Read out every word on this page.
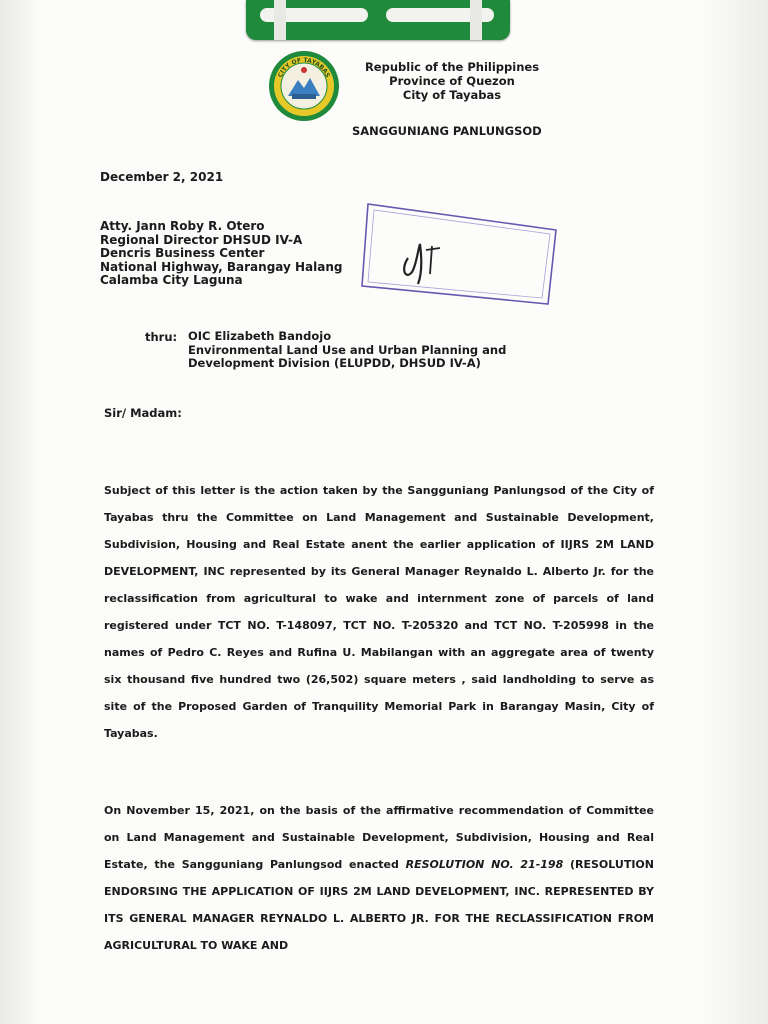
CITY OF TAYABAS
Republic of the Philippines
Province of Quezon
City of Tayabas
SANGGUNIANG PANLUNGSOD
December 2, 2021
Atty. Jann Roby R. Otero
Regional Director DHSUD IV-A
Dencris Business Center
National Highway, Barangay Halang
Calamba City Laguna
thru: OIC Elizabeth Bandojo
Environmental Land Use and Urban Planning and
Development Division (ELUPDD, DHSUD IV-A)
Sir/ Madam:
Subject of this letter is the action taken by the Sangguniang Panlungsod of the City of Tayabas thru the Committee on Land Management and Sustainable Development, Subdivision, Housing and Real Estate anent the earlier application of IIJRS 2M LAND DEVELOPMENT, INC represented by its General Manager Reynaldo L. Alberto Jr. for the reclassification from agricultural to wake and internment zone of parcels of land registered under TCT NO. T-148097, TCT NO. T-205320 and TCT NO. T-205998 in the names of Pedro C. Reyes and Rufina U. Mabilangan with an aggregate area of twenty six thousand five hundred two (26,502) square meters , said landholding to serve as site of the Proposed Garden of Tranquility Memorial Park in Barangay Masin, City of Tayabas.
On November 15, 2021, on the basis of the affirmative recommendation of Committee on Land Management and Sustainable Development, Subdivision, Housing and Real Estate, the Sangguniang Panlungsod enacted RESOLUTION NO. 21-198 (RESOLUTION ENDORSING THE APPLICATION OF IIJRS 2M LAND DEVELOPMENT, INC. REPRESENTED BY ITS GENERAL MANAGER REYNALDO L. ALBERTO JR. FOR THE RECLASSIFICATION FROM AGRICULTURAL TO WAKE AND
